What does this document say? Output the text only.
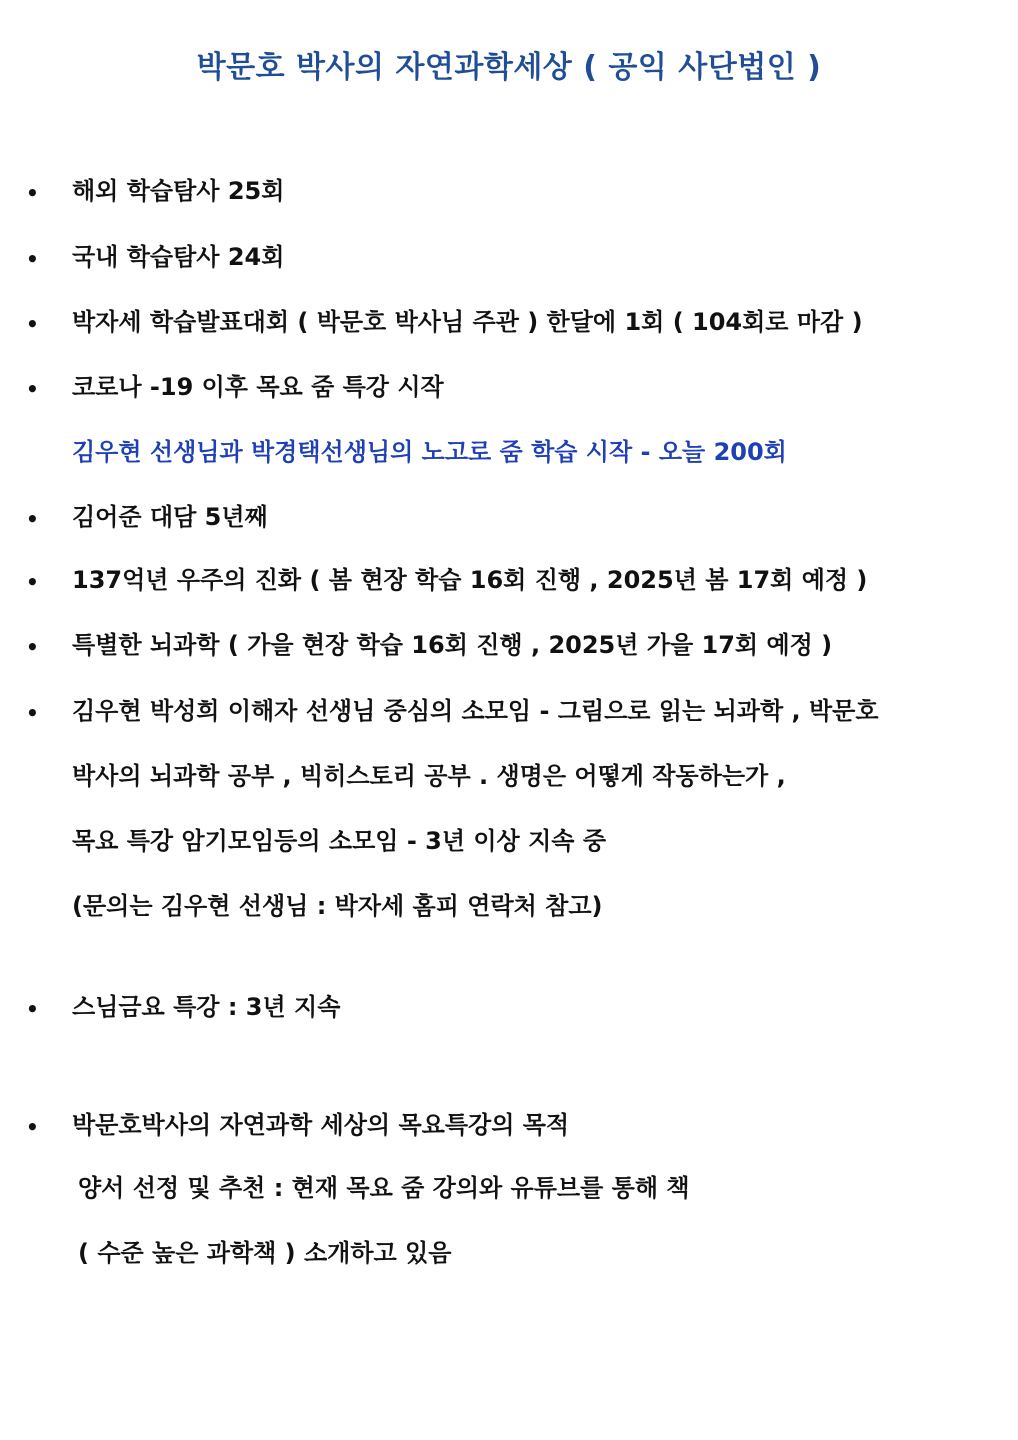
박문호 박사의 자연과학세상 ( 공익 사단법인 )
• 해외 학습탐사 25회
• 국내 학습탐사 24회
• 박자세 학습발표대회 ( 박문호 박사님 주관 ) 한달에 1회 ( 104회로 마감 )
• 코로나 -19 이후 목요 줌 특강 시작
김우현 선생님과 박경택선생님의 노고로 줌 학습 시작 - 오늘 200회
• 김어준 대담 5년째
• 137억년 우주의 진화 ( 봄 현장 학습 16회 진행 , 2025년 봄 17회 예정 )
• 특별한 뇌과학 ( 가을 현장 학습 16회 진행 , 2025년 가을 17회 예정 )
• 김우현 박성희 이해자 선생님 중심의 소모임 - 그림으로 읽는 뇌과학 , 박문호
박사의 뇌과학 공부 , 빅히스토리 공부 . 생명은 어떻게 작동하는가 ,
목요 특강 암기모임등의 소모임 - 3년 이상 지속 중
(문의는 김우현 선생님 : 박자세 홈피 연락처 참고)
• 스님금요 특강 : 3년 지속
• 박문호박사의 자연과학 세상의 목요특강의 목적
양서 선정 및 추천 : 현재 목요 줌 강의와 유튜브를 통해 책
( 수준 높은 과학책 ) 소개하고 있음
